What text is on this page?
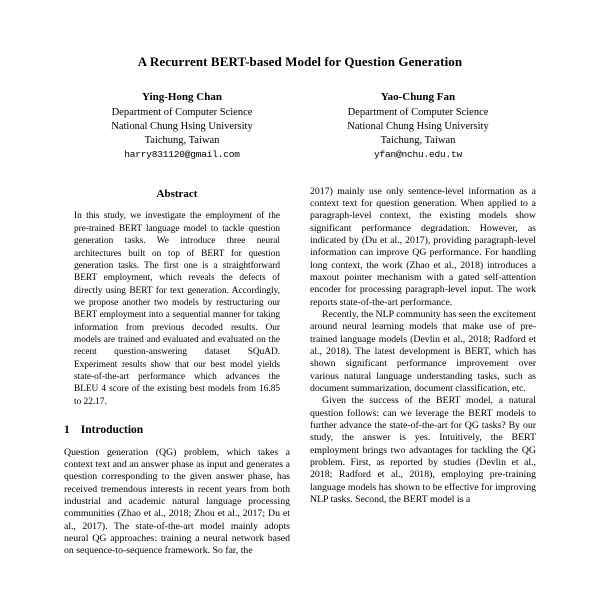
A Recurrent BERT-based Model for Question Generation
Ying-Hong Chan
Department of Computer Science
National Chung Hsing University
Taichung, Taiwan
harry831120@gmail.com
Yao-Chung Fan
Department of Computer Science
National Chung Hsing University
Taichung, Taiwan
yfan@nchu.edu.tw
Abstract

In this study, we investigate the employment of the pre-trained BERT language model to tackle question generation tasks. We introduce three neural architectures built on top of BERT for question generation tasks. The first one is a straightforward BERT employment, which reveals the defects of directly using BERT for text generation. Accordingly, we propose another two models by restructuring our BERT employment into a sequential manner for taking information from previous decoded results. Our models are trained and evaluated and evaluated on the recent question-answering dataset SQuAD. Experiment results show that our best model yields state-of-the-art performance which advances the BLEU 4 score of the existing best models from 16.85 to 22.17.

1 Introduction

Question generation (QG) problem, which takes a context text and an answer phase as input and generates a question corresponding to the given answer phase, has received tremendous interests in recent years from both industrial and academic natural language processing communities (Zhao et al., 2018; Zhou et al., 2017; Du et al., 2017). The state-of-the-art model mainly adopts neural QG approaches: training a neural network based on sequence-to-sequence framework. So far, the

2017) mainly use only sentence-level information as a context text for question generation. When applied to a paragraph-level context, the existing models show significant performance degradation. However, as indicated by (Du et al., 2017), providing paragraph-level information can improve QG performance. For handling long context, the work (Zhao et al., 2018) introduces a maxout pointer mechanism with a gated self-attention encoder for processing paragraph-level input. The work reports state-of-the-art performance.

Recently, the NLP community has seen the excitement around neural learning models that make use of pre-trained language models (Devlin et al., 2018; Radford et al., 2018). The latest development is BERT, which has shown significant performance improvement over various natural language understanding tasks, such as document summarization, document classification, etc.

Given the success of the BERT model, a natural question follows: can we leverage the BERT models to further advance the state-of-the-art for QG tasks? By our study, the answer is yes. Intuitively, the BERT employment brings two advantages for tackling the QG problem. First, as reported by studies (Devlin et al., 2018; Radford et al., 2018), employing pre-training language models has shown to be effective for improving NLP tasks. Second, the BERT model is a
